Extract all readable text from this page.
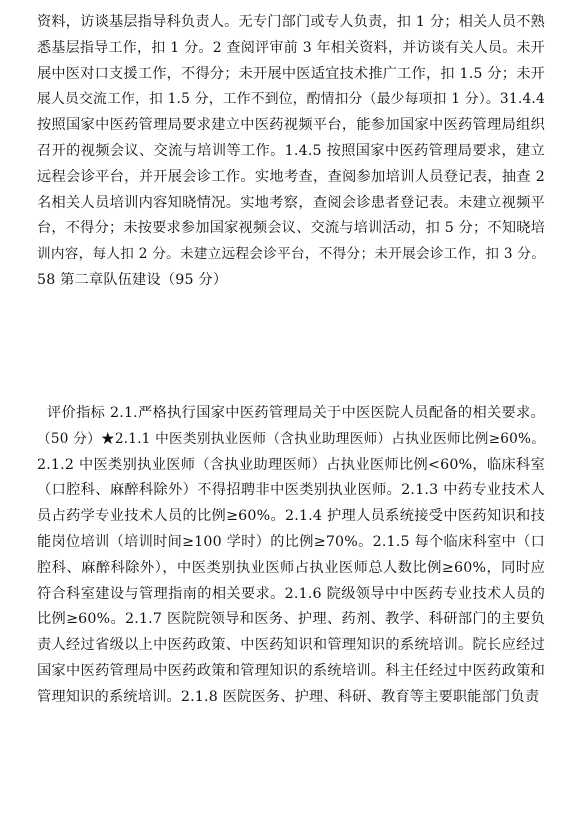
资料，访谈基层指导科负责人。无专门部门或专人负责，扣 1 分；相关人员不熟
悉基层指导工作，扣 1 分。2 查阅评审前 3 年相关资料，并访谈有关人员。未开
展中医对口支援工作，不得分；未开展中医适宜技术推广工作，扣 1.5 分；未开
展人员交流工作，扣 1.5 分，工作不到位，酌情扣分（最少每项扣 1 分）。31.4.4
按照国家中医药管理局要求建立中医药视频平台，能参加国家中医药管理局组织
召开的视频会议、交流与培训等工作。1.4.5 按照国家中医药管理局要求，建立
远程会诊平台，并开展会诊工作。实地考查，查阅参加培训人员登记表，抽查 2
名相关人员培训内容知晓情况。实地考察，查阅会诊患者登记表。未建立视频平
台，不得分；未按要求参加国家视频会议、交流与培训活动，扣 5 分；不知晓培
训内容，每人扣 2 分。未建立远程会诊平台，不得分；未开展会诊工作，扣 3 分。
58 第二章队伍建设（95 分）
评价指标 2.1.严格执行国家中医药管理局关于中医医院人员配备的相关要求。
（50 分）★2.1.1 中医类别执业医师（含执业助理医师）占执业医师比例≥60%。
2.1.2 中医类别执业医师（含执业助理医师）占执业医师比例<60%，临床科室
（口腔科、麻醉科除外）不得招聘非中医类别执业医师。2.1.3 中药专业技术人
员占药学专业技术人员的比例≥60%。2.1.4 护理人员系统接受中医药知识和技
能岗位培训（培训时间≥100 学时）的比例≥70%。2.1.5 每个临床科室中（口
腔科、麻醉科除外），中医类别执业医师占执业医师总人数比例≥60%，同时应
符合科室建设与管理指南的相关要求。2.1.6 院级领导中中医药专业技术人员的
比例≥60%。2.1.7 医院院领导和医务、护理、药剂、教学、科研部门的主要负
责人经过省级以上中医药政策、中医药知识和管理知识的系统培训。院长应经过
国家中医药管理局中医药政策和管理知识的系统培训。科主任经过中医药政策和
管理知识的系统培训。2.1.8 医院医务、护理、科研、教育等主要职能部门负责
